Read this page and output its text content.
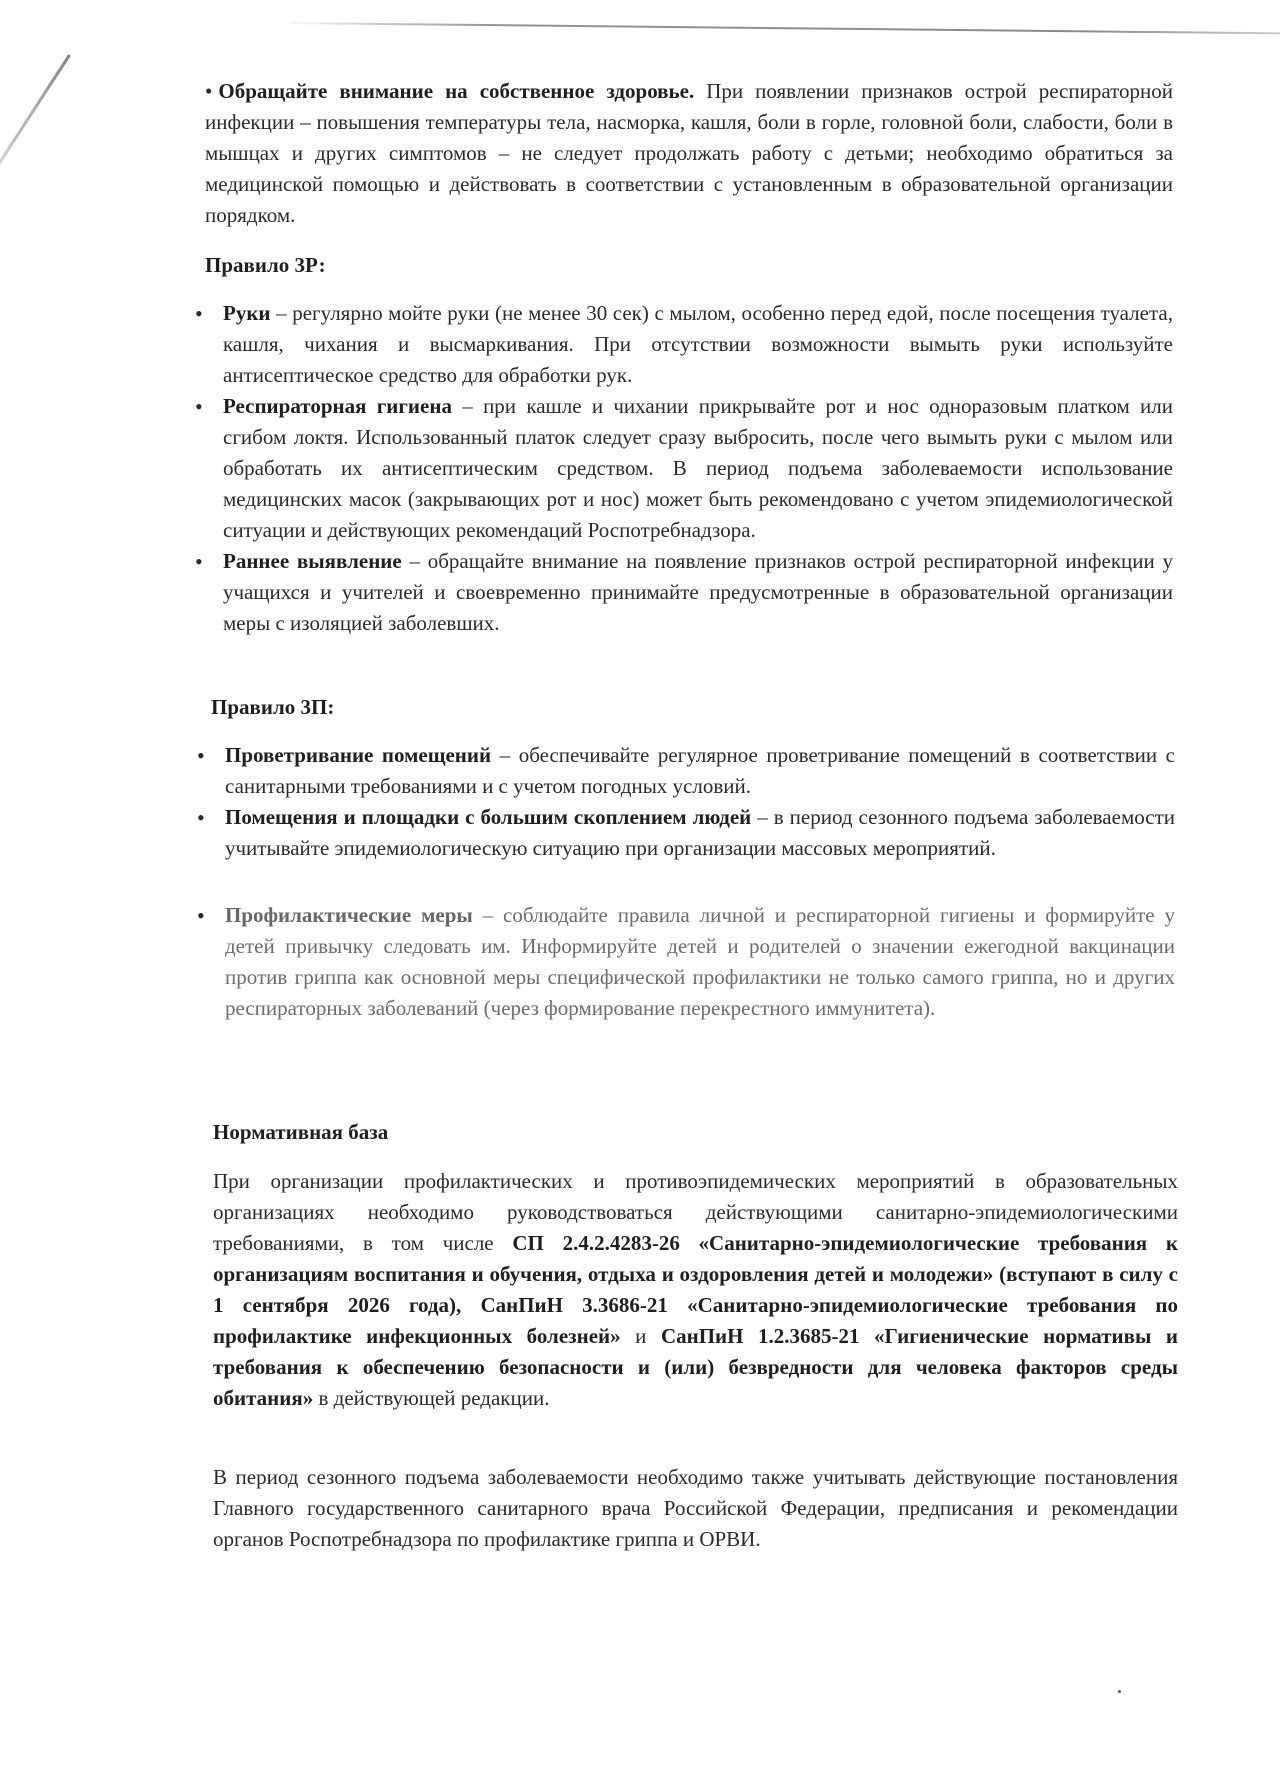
• Обращайте внимание на собственное здоровье. При появлении признаков острой респираторной инфекции – повышения температуры тела, насморка, кашля, боли в горле, головной боли, слабости, боли в мышцах и других симптомов – не следует продолжать работу с детьми; необходимо обратиться за медицинской помощью и действовать в соответствии с установленным в образовательной организации порядком.

Правило 3Р:
• Руки – регулярно мойте руки (не менее 30 сек) с мылом, особенно перед едой, после посещения туалета, кашля, чихания и высмаркивания. При отсутствии возможности вымыть руки используйте антисептическое средство для обработки рук.
• Респираторная гигиена – при кашле и чихании прикрывайте рот и нос одноразовым платком или сгибом локтя. Использованный платок следует сразу выбросить, после чего вымыть руки с мылом или обработать их антисептическим средством. В период подъема заболеваемости использование медицинских масок (закрывающих рот и нос) может быть рекомендовано с учетом эпидемиологической ситуации и действующих рекомендаций Роспотребнадзора.
• Раннее выявление – обращайте внимание на появление признаков острой респираторной инфекции у учащихся и учителей и своевременно принимайте предусмотренные в образовательной организации меры с изоляцией заболевших.
Правило 3П:
• Проветривание помещений – обеспечивайте регулярное проветривание помещений в соответствии с санитарными требованиями и с учетом погодных условий.
• Помещения и площадки с большим скоплением людей – в период сезонного подъема заболеваемости учитывайте эпидемиологическую ситуацию при организации массовых мероприятий.
• Профилактические меры – соблюдайте правила личной и респираторной гигиены и формируйте у детей привычку следовать им. Информируйте детей и родителей о значении ежегодной вакцинации против гриппа как основной меры специфической профилактики не только самого гриппа, но и других респираторных заболеваний (через формирование перекрестного иммунитета).
Нормативная база

При организации профилактических и противоэпидемических мероприятий в образовательных организациях необходимо руководствоваться действующими санитарно-эпидемиологическими требованиями, в том числе СП 2.4.2.4283-26 «Санитарно-эпидемиологические требования к организациям воспитания и обучения, отдыха и оздоровления детей и молодежи» (вступают в силу с 1 сентября 2026 года), СанПиН 3.3686-21 «Санитарно-эпидемиологические требования по профилактике инфекционных болезней» и СанПиН 1.2.3685-21 «Гигиенические нормативы и требования к обеспечению безопасности и (или) безвредности для человека факторов среды обитания» в действующей редакции.

В период сезонного подъема заболеваемости необходимо также учитывать действующие постановления Главного государственного санитарного врача Российской Федерации, предписания и рекомендации органов Роспотребнадзора по профилактике гриппа и ОРВИ.
